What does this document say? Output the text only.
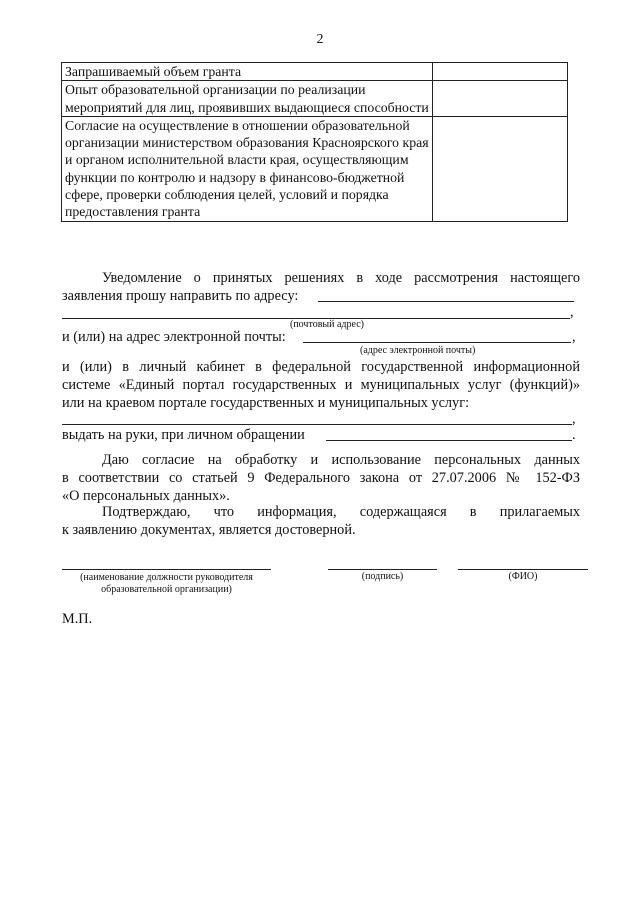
2
Запрашиваемый объем гранта	
Опыт образовательной организации по реализации мероприятий для лиц, проявивших выдающиеся способности	
Согласие на осуществление в отношении образовательной организации министерством образования Красноярского края и органом исполнительной власти края, осуществляющим функции по контролю и надзору в финансово-бюджетной сфере, проверки соблюдения целей, условий и порядка предоставления гранта	
Уведомление о принятых решениях в ходе рассмотрения настоящего
заявления прошу направить по адресу:
,
(почтовый адрес)
и (или) на адрес электронной почты:	,
(адрес электронной почты)
и (или) в личный кабинет в федеральной государственной информационной
системе «Единый портал государственных и муниципальных услуг (функций)»
или на краевом портале государственных и муниципальных услуг:
,
выдать на руки, при личном обращении	.
Даю согласие на обработку и использование персональных данных
в соответствии со статьей 9 Федерального закона от 27.07.2006 № 152-ФЗ
«О персональных данных».
Подтверждаю, что информация, содержащаяся в прилагаемых
к заявлению документах, является достоверной.
(наименование должности руководителя
образовательной организации)
(подпись)	(ФИО)
М.П.
